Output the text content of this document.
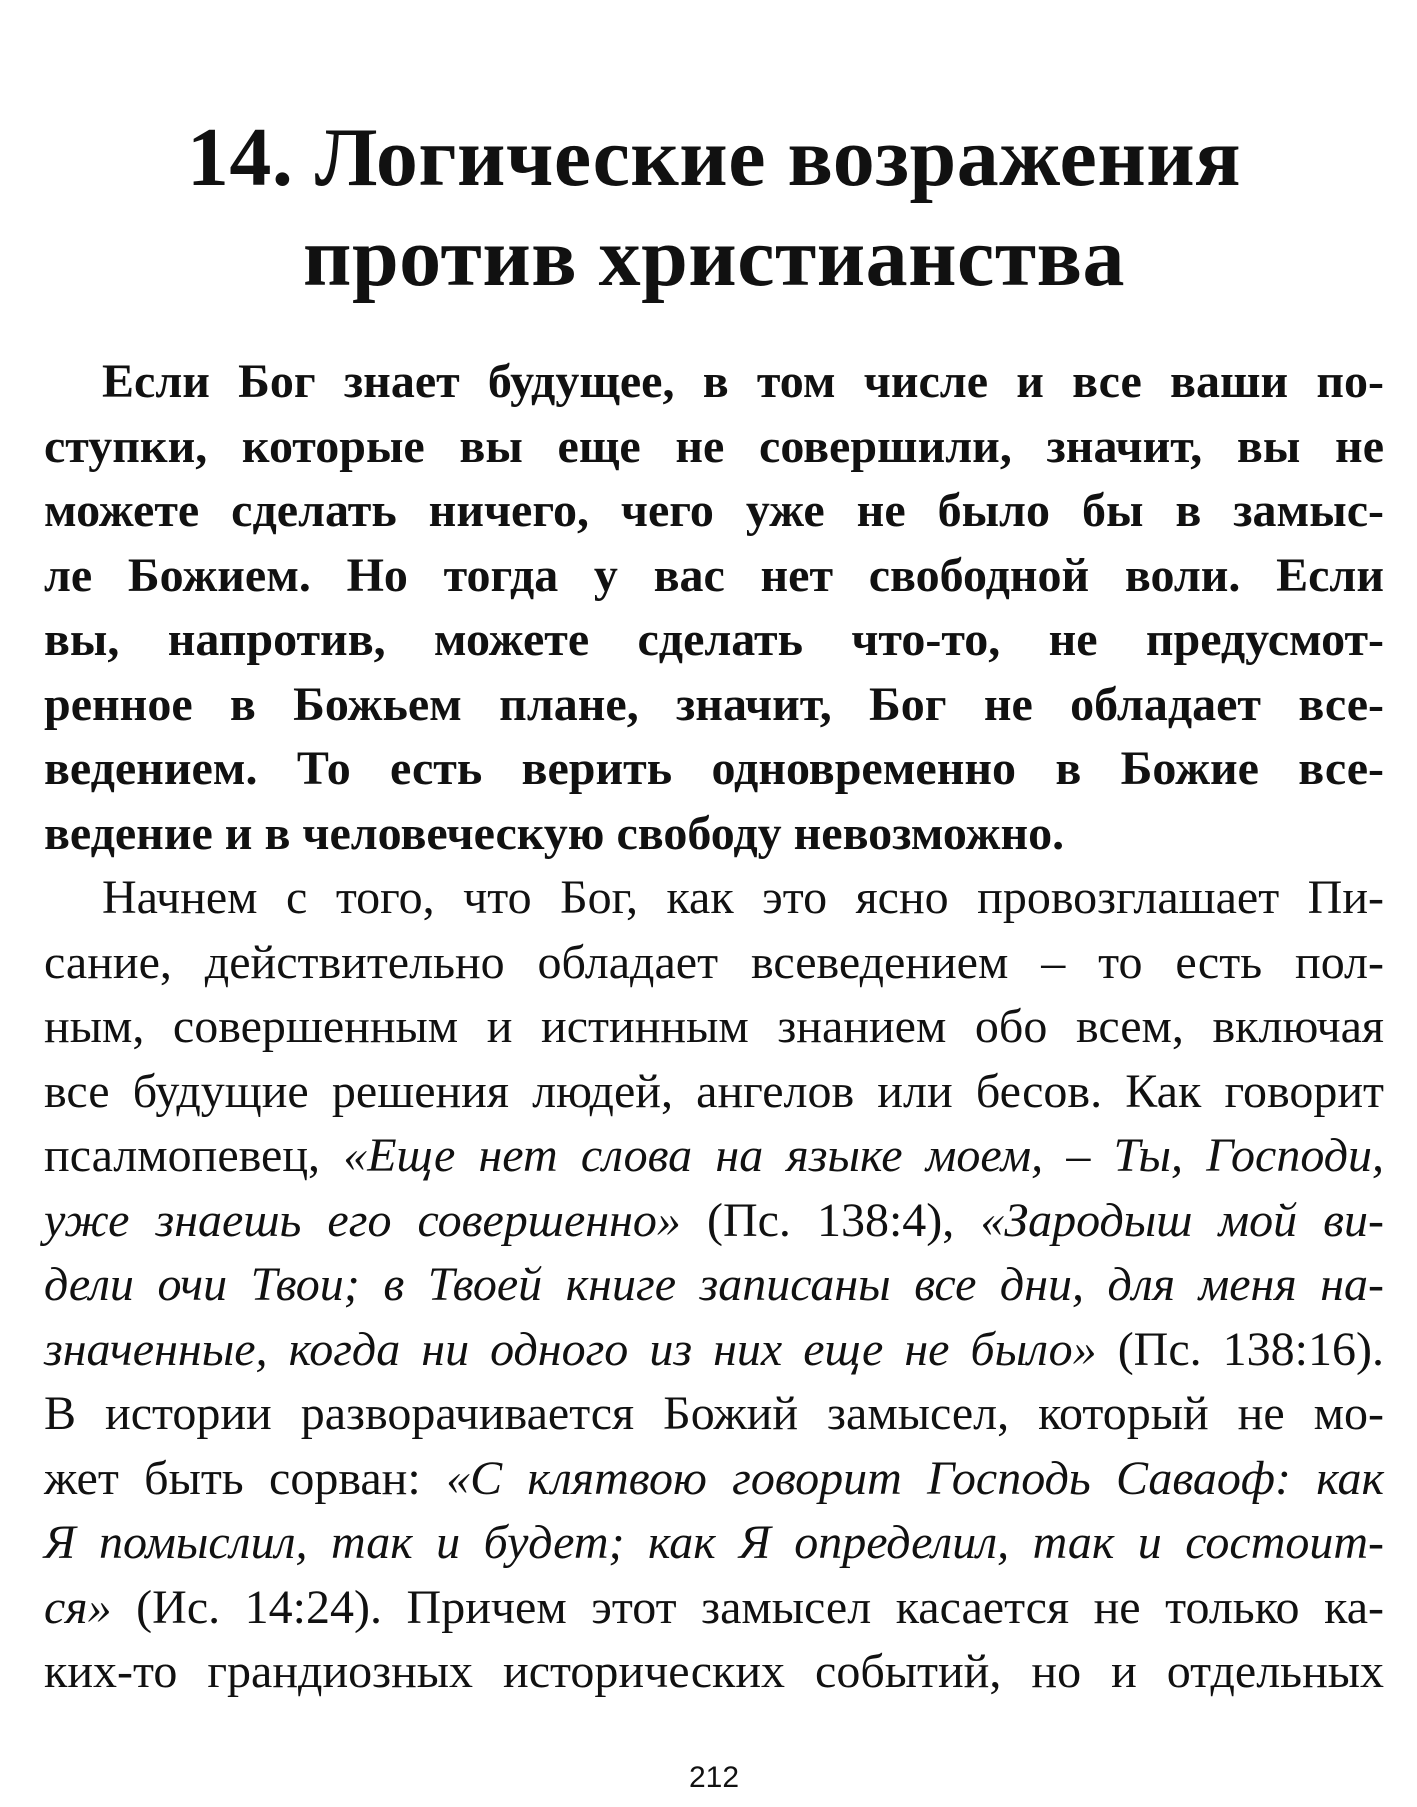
14. Логические возражения
против христианства

Если Бог знает будущее, в том числе и все ваши по-
ступки, которые вы еще не совершили, значит, вы не
можете сделать ничего, чего уже не было бы в замыс-
ле Божием. Но тогда у вас нет свободной воли. Если
вы, напротив, можете сделать что-то, не предусмот-
ренное в Божьем плане, значит, Бог не обладает все-
ведением. То есть верить одновременно в Божие все-
ведение и в человеческую свободу невозможно.

Начнем с того, что Бог, как это ясно провозглашает Пи-
сание, действительно обладает всеведением – то есть пол-
ным, совершенным и истинным знанием обо всем, включая
все будущие решения людей, ангелов или бесов. Как говорит
псалмопевец, «Еще нет слова на языке моем, – Ты, Господи,
уже знаешь его совершенно» (Пс. 138:4), «Зародыш мой ви-
дели очи Твои; в Твоей книге записаны все дни, для меня на-
значенные, когда ни одного из них еще не было» (Пс. 138:16).
В истории разворачивается Божий замысел, который не мо-
жет быть сорван: «С клятвою говорит Господь Саваоф: как
Я помыслил, так и будет; как Я определил, так и состоит-
ся» (Ис. 14:24). Причем этот замысел касается не только ка-
ких-то грандиозных исторических событий, но и отдельных

212
